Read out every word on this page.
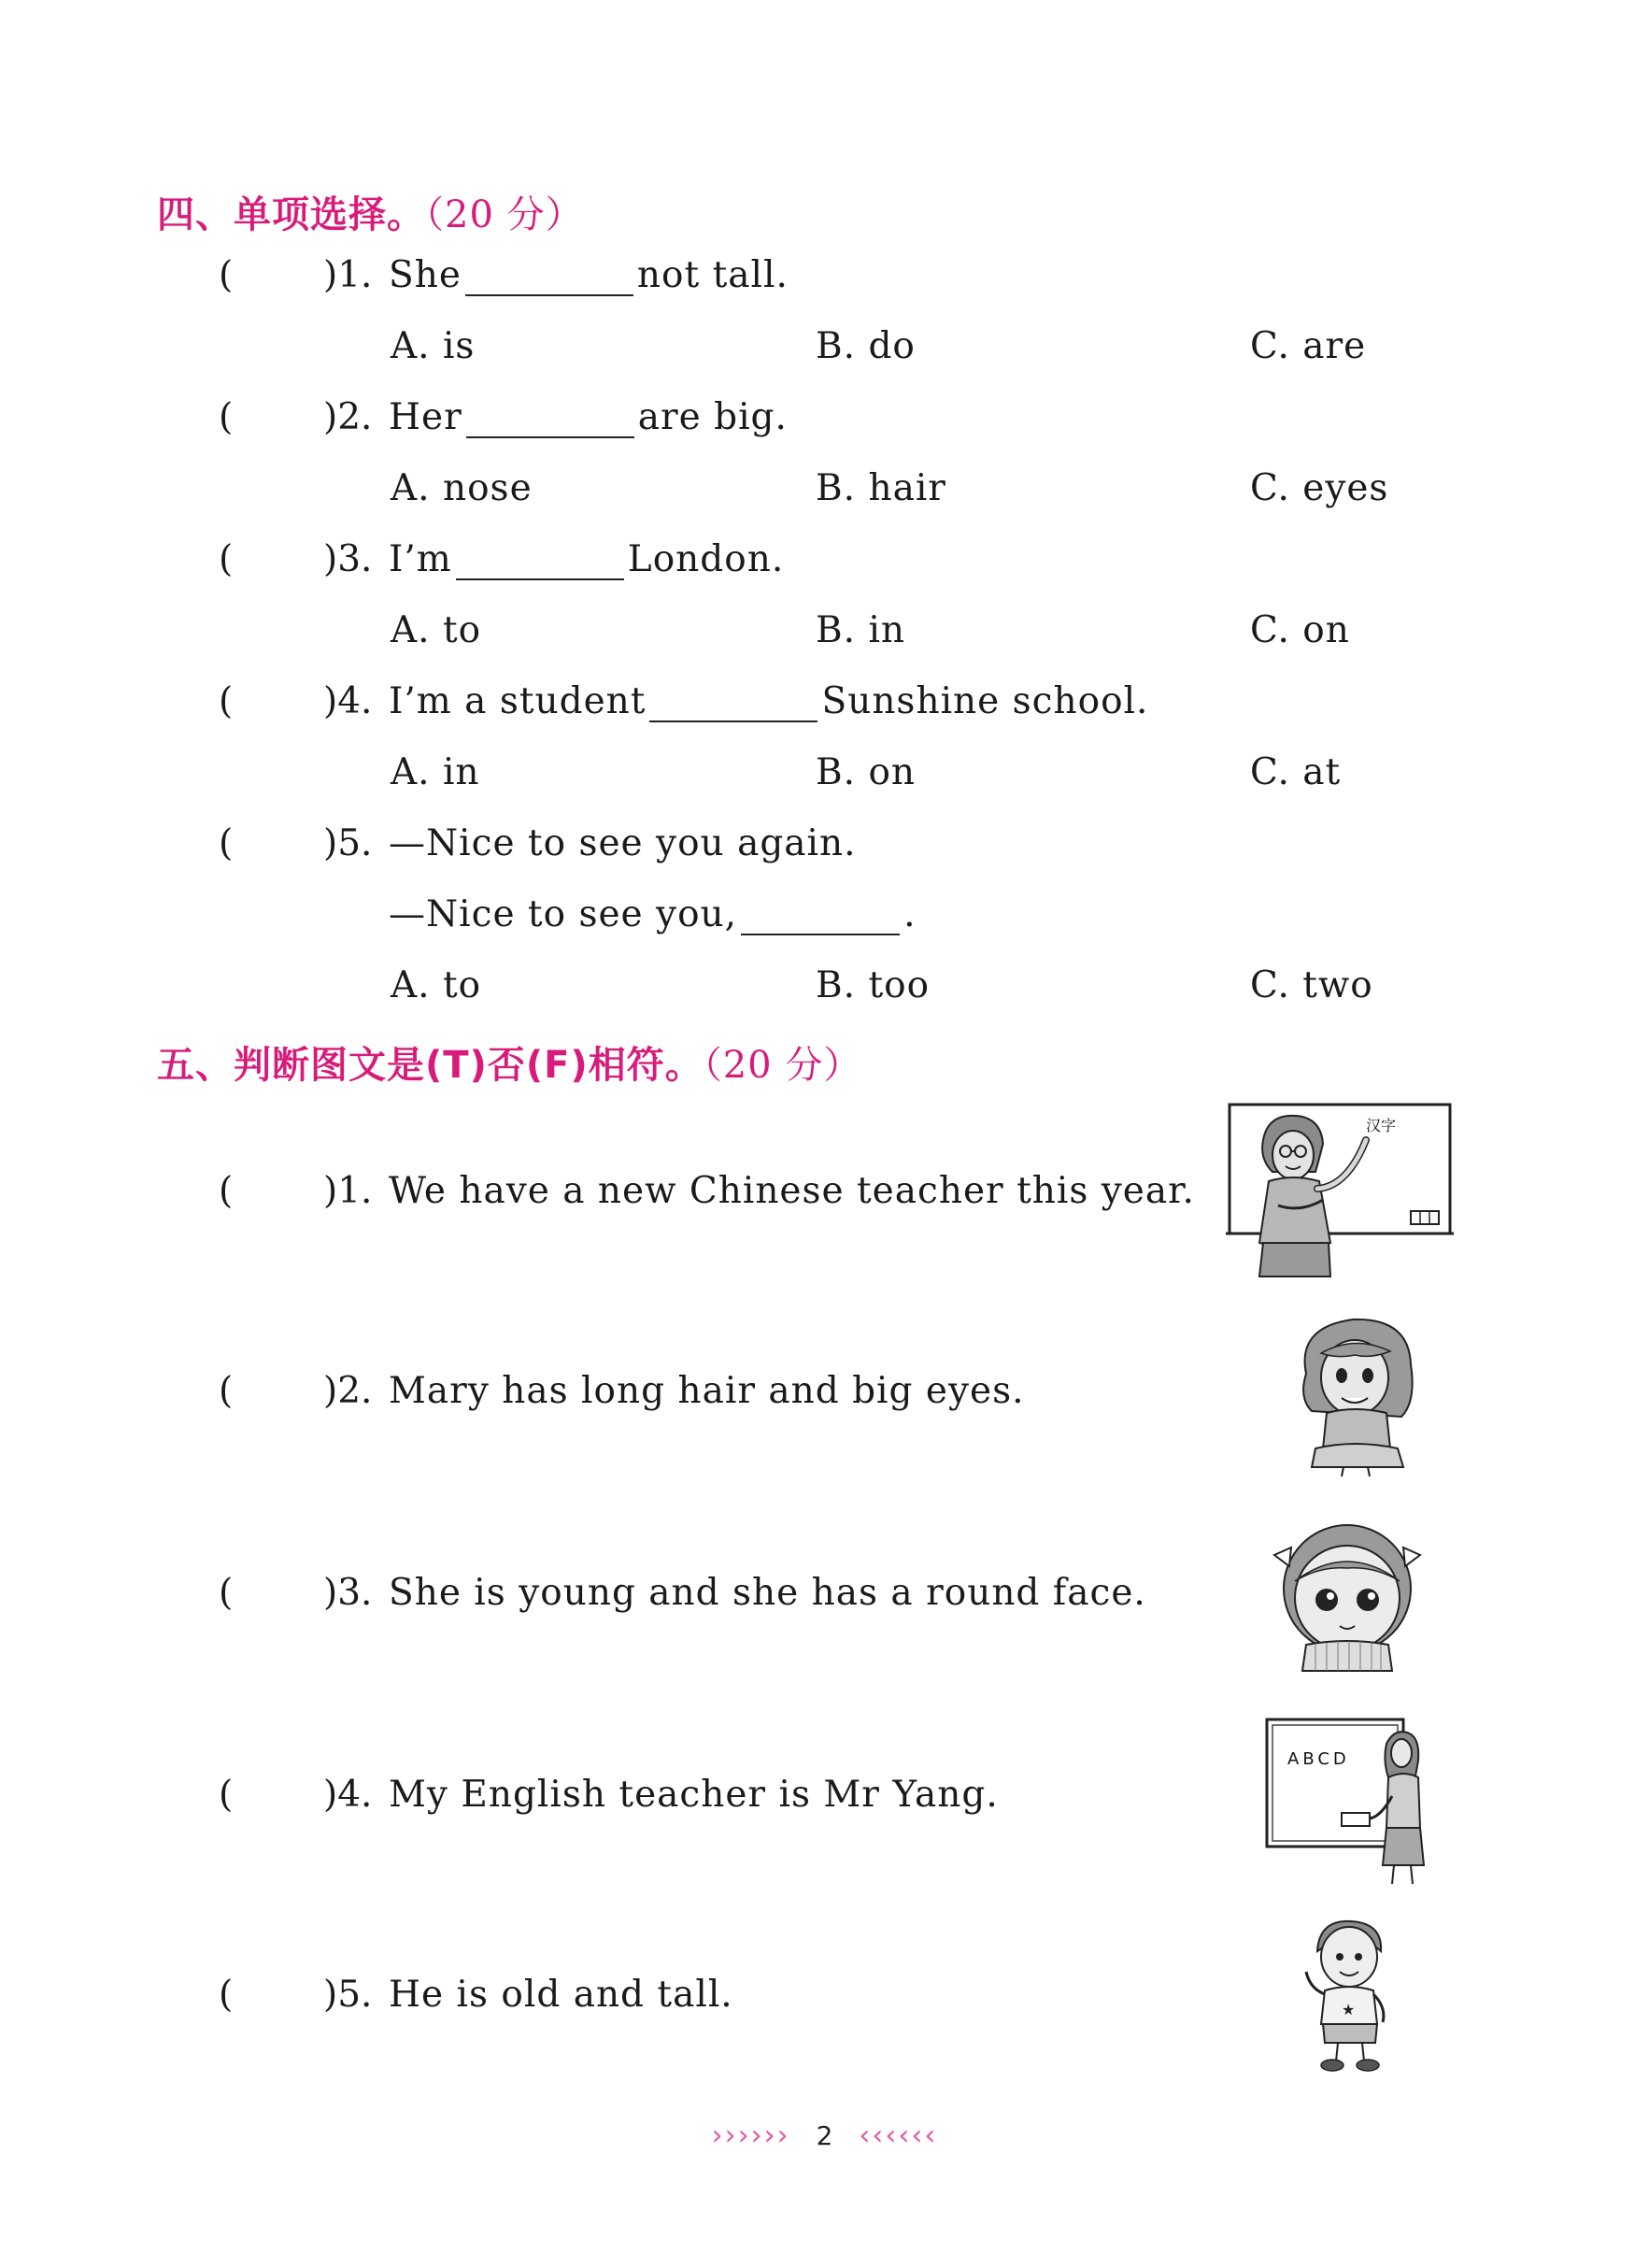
四、单项选择。（20 分）
( )1. She	not tall.
A. is	B. do	C. are
( )2. Her	are big.
A. nose	B. hair	C. eyes
( )3. I’m	London.
A. to	B. in	C. on
( )4. I’m a student	Sunshine school.
A. in	B. on	C. at
( )5. —Nice to see you again.
—Nice to see you,	.
A. to	B. too	C. two
五、判断图文是(T)否(F)相符。（20 分）
( )1. We have a new Chinese teacher this year.
( )2. Mary has long hair and big eyes.
( )3. She is young and she has a round face.
( )4. My English teacher is Mr Yang.
( )5. He is old and tall.
汉字
ABCD
★
›››››› 2 ‹‹‹‹‹‹
